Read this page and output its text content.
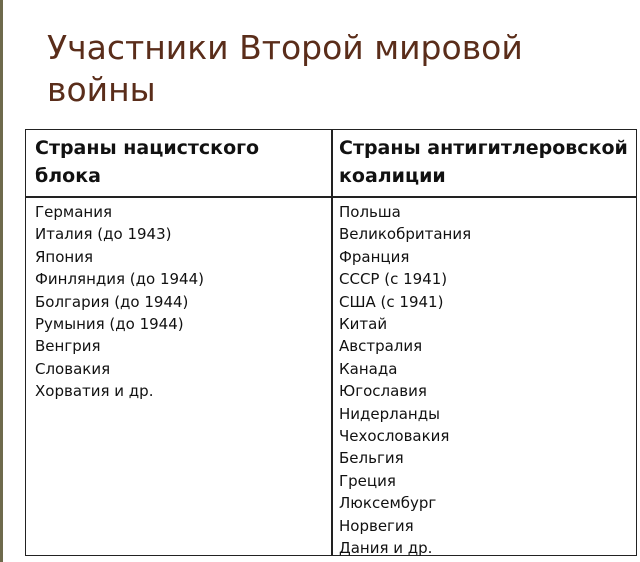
Участники Второй мировой войны
Страны нацистского блока
Страны антигитлеровской коалиции
Германия
Италия (до 1943)
Япония
Финляндия (до 1944)
Болгария (до 1944)
Румыния (до 1944)
Венгрия
Словакия
Хорватия и др.
Польша
Великобритания
Франция
СССР (с 1941)
США (с 1941)
Китай
Австралия
Канада
Югославия
Нидерланды
Чехословакия
Бельгия
Греция
Люксембург
Норвегия
Дания и др.
